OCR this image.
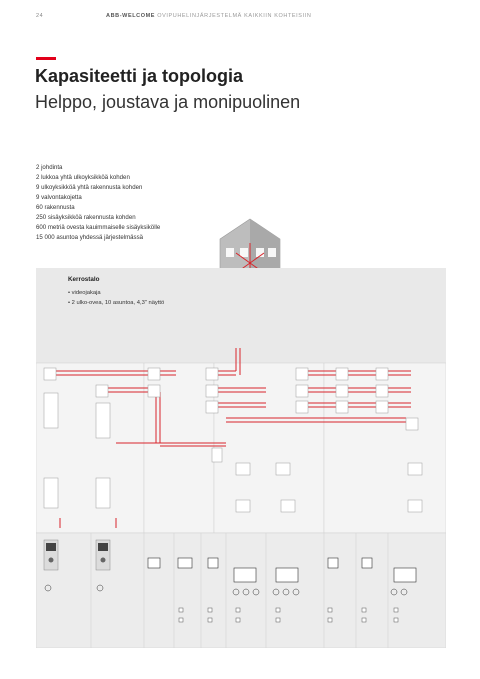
24	ABB-WELCOME OVIPUHELINJÄRJESTELMÄ KAIKKIIN KOHTEISIIN
Kapasiteetti ja topologia
Helppo, joustava ja monipuolinen
2 johdinta
2 lukkoa yhtä ulkoyksikköä kohden
9 ulkoyksikköä yhtä rakennusta kohden
9 valvontakojetta
60 rakennusta
250 sisäyksikköä rakennusta kohden
600 metriä ovesta kauimmaiselle sisäyksikölle
15 000 asuntoa yhdessä järjestelmässä
Kerrostalo
• videojakaja
• 2 ulko-ovea, 10 asuntoa, 4,3" näyttö
